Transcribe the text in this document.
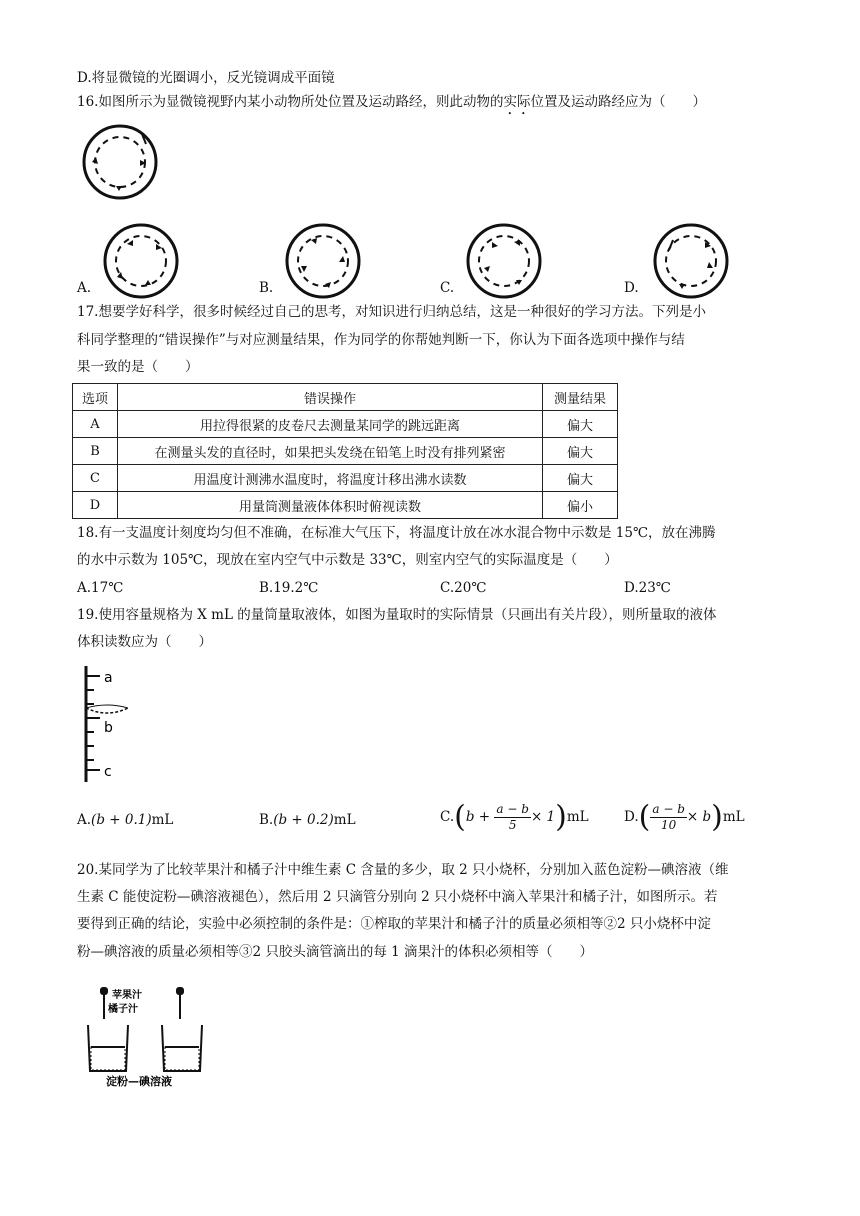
D.将显微镜的光圈调小，反光镜调成平面镜
16.如图所示为显微镜视野内某小动物所处位置及运动路经，则此动物的实际位置及运动路经应为（　　）
A.	B.	C.	D.
17.想要学好科学，很多时候经过自己的思考，对知识进行归纳总结，这是一种很好的学习方法。下列是小
科同学整理的“错误操作”与对应测量结果，作为同学的你帮她判断一下，你认为下面各选项中操作与结
果一致的是（　　）
选项	错误操作	测量结果
A	用拉得很紧的皮卷尺去测量某同学的跳远距离	偏大
B	在测量头发的直径时，如果把头发绕在铅笔上时没有排列紧密	偏大
C	用温度计测沸水温度时，将温度计移出沸水读数	偏大
D	用量筒测量液体体积时俯视读数	偏小
18.有一支温度计刻度均匀但不准确，在标准大气压下，将温度计放在冰水混合物中示数是 15℃，放在沸腾
的水中示数为 105℃，现放在室内空气中示数是 33℃，则室内空气的实际温度是（　　）
A.17℃	B.19.2℃	C.20℃	D.23℃
19.使用容量规格为 X mL 的量筒量取液体，如图为量取时的实际情景（只画出有关片段），则所量取的液体
体积读数应为（　　）
a
b
c
A.(b + 0.1)mL	B.(b + 0.2)mL	$C.(b + \frac{a - b}{5} \times 1)mL$	$D.( \frac{a - b}{10} \times b)mL$
20.某同学为了比较苹果汁和橘子汁中维生素 C 含量的多少，取 2 只小烧杯，分别加入蓝色淀粉—碘溶液（维
生素 C 能使淀粉—碘溶液褪色），然后用 2 只滴管分别向 2 只小烧杯中滴入苹果汁和橘子汁，如图所示。若
要得到正确的结论，实验中必须控制的条件是：①榨取的苹果汁和橘子汁的质量必须相等②2 只小烧杯中淀
粉—碘溶液的质量必须相等③2 只胶头滴管滴出的每 1 滴果汁的体积必须相等（　　）
苹果汁
橘子汁
淀粉—碘溶液
